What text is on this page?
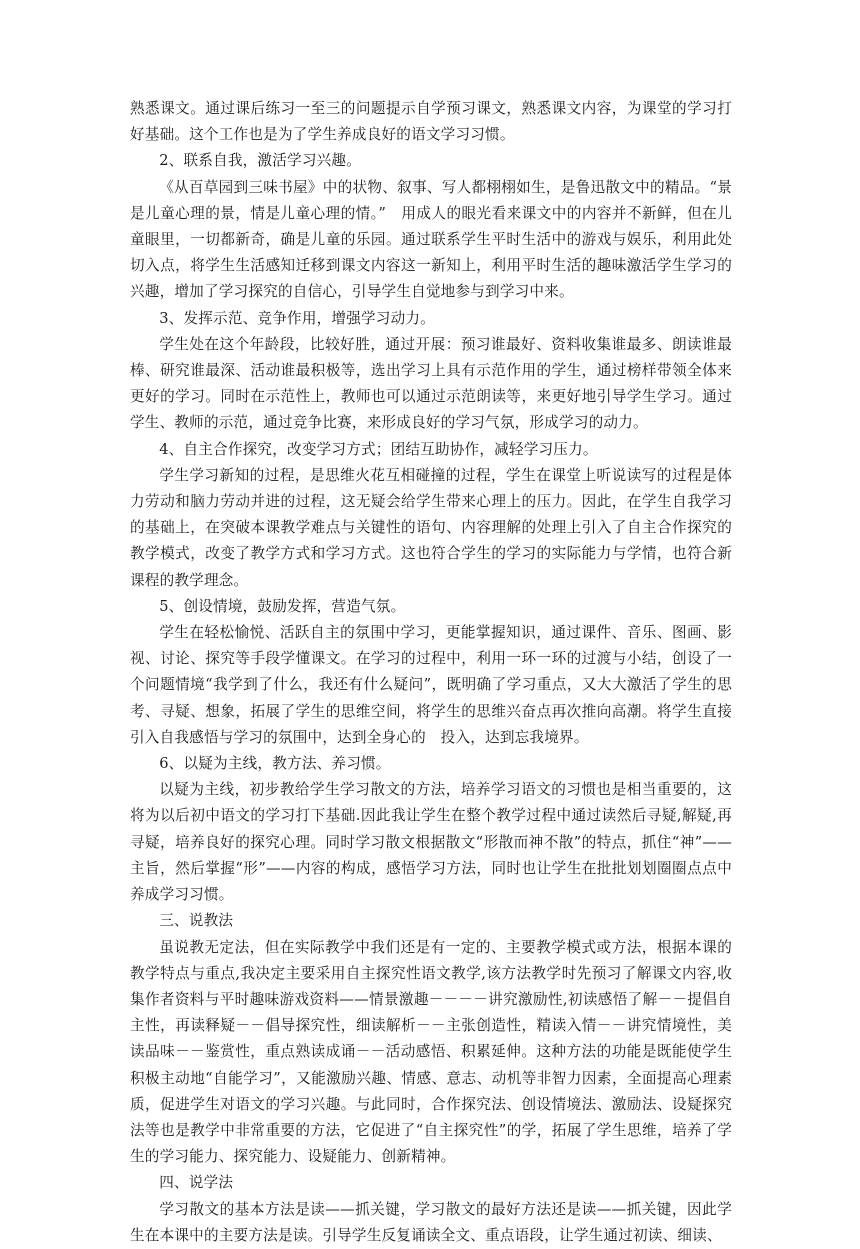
熟悉课文。通过课后练习一至三的问题提示自学预习课文，熟悉课文内容，为课堂的学习打好基础。这个工作也是为了学生养成良好的语文学习习惯。

2、联系自我，激活学习兴趣。

《从百草园到三味书屋》中的状物、叙事、写人都栩栩如生，是鲁迅散文中的精品。“景是儿童心理的景，情是儿童心理的情。”　用成人的眼光看来课文中的内容并不新鲜，但在儿童眼里，一切都新奇，确是儿童的乐园。通过联系学生平时生活中的游戏与娱乐，利用此处切入点，将学生生活感知迁移到课文内容这一新知上，利用平时生活的趣味激活学生学习的兴趣，增加了学习探究的自信心，引导学生自觉地参与到学习中来。

3、发挥示范、竞争作用，增强学习动力。

学生处在这个年龄段，比较好胜，通过开展：预习谁最好、资料收集谁最多、朗读谁最棒、研究谁最深、活动谁最积极等，选出学习上具有示范作用的学生，通过榜样带领全体来更好的学习。同时在示范性上，教师也可以通过示范朗读等，来更好地引导学生学习。通过学生、教师的示范，通过竞争比赛，来形成良好的学习气氛，形成学习的动力。

4、自主合作探究，改变学习方式；团结互助协作，减轻学习压力。

学生学习新知的过程，是思维火花互相碰撞的过程，学生在课堂上听说读写的过程是体力劳动和脑力劳动并进的过程，这无疑会给学生带来心理上的压力。因此，在学生自我学习的基础上，在突破本课教学难点与关键性的语句、内容理解的处理上引入了自主合作探究的教学模式，改变了教学方式和学习方式。这也符合学生的学习的实际能力与学情，也符合新课程的教学理念。

5、创设情境，鼓励发挥，营造气氛。

学生在轻松愉悦、活跃自主的氛围中学习，更能掌握知识，通过课件、音乐、图画、影视、讨论、探究等手段学懂课文。在学习的过程中，利用一环一环的过渡与小结，创设了一个问题情境“我学到了什么，我还有什么疑问”，既明确了学习重点，又大大激活了学生的思考、寻疑、想象，拓展了学生的思维空间，将学生的思维兴奋点再次推向高潮。将学生直接引入自我感悟与学习的氛围中，达到全身心的　投入，达到忘我境界。

6、以疑为主线，教方法、养习惯。

以疑为主线，初步教给学生学习散文的方法，培养学习语文的习惯也是相当重要的，这将为以后初中语文的学习打下基础.因此我让学生在整个教学过程中通过读然后寻疑,解疑,再寻疑，培养良好的探究心理。同时学习散文根据散文“形散而神不散”的特点，抓住“神”——主旨，然后掌握“形”——内容的构成，感悟学习方法，同时也让学生在批批划划圈圈点点中养成学习习惯。

三、说教法

虽说教无定法，但在实际教学中我们还是有一定的、主要教学模式或方法，根据本课的教学特点与重点,我决定主要采用自主探究性语文教学,该方法教学时先预习了解课文内容,收集作者资料与平时趣味游戏资料——情景激趣－－－－讲究激励性,初读感悟了解－－提倡自主性，再读释疑－－倡导探究性，细读解析－－主张创造性，精读入情－－讲究情境性，美读品味－－鉴赏性，重点熟读成诵－－活动感悟、积累延伸。这种方法的功能是既能使学生积极主动地“自能学习”，又能激励兴趣、情感、意志、动机等非智力因素，全面提高心理素质，促进学生对语文的学习兴趣。与此同时，合作探究法、创设情境法、激励法、设疑探究法等也是教学中非常重要的方法，它促进了“自主探究性”的学，拓展了学生思维，培养了学生的学习能力、探究能力、设疑能力、创新精神。

四、说学法

学习散文的基本方法是读——抓关键，学习散文的最好方法还是读——抓关键，因此学生在本课中的主要方法是读。引导学生反复诵读全文、重点语段，让学生通过初读、细读、
